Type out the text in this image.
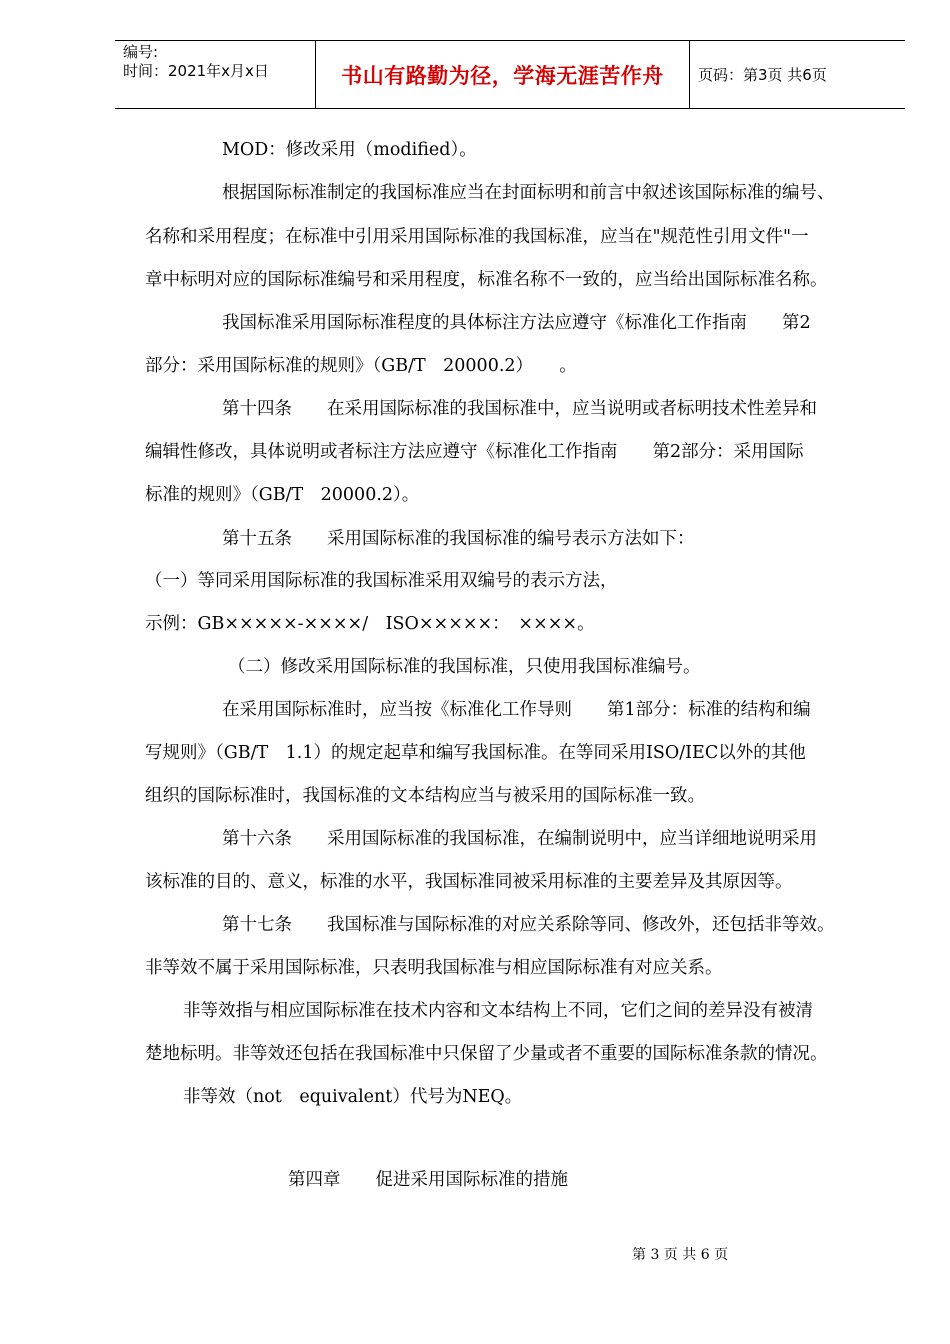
编号:
时间：2021年x月x日	书山有路勤为径，学海无涯苦作舟 页码：第3页 共6页
MOD：修改采用（modified）。
根据国际标准制定的我国标准应当在封面标明和前言中叙述该国际标准的编号、
名称和采用程度；在标准中引用采用国际标准的我国标准，应当在"规范性引用文件"一
章中标明对应的国际标准编号和采用程度，标准名称不一致的，应当给出国际标准名称。
我国标准采用国际标准程度的具体标注方法应遵守《标准化工作指南　　第2
部分：采用国际标准的规则》（GB/T　20000.2）　　。
第十四条　　在采用国际标准的我国标准中，应当说明或者标明技术性差异和
编辑性修改，具体说明或者标注方法应遵守《标准化工作指南　　第2部分：采用国际
标准的规则》（GB/T　20000.2）。
第十五条　　采用国际标准的我国标准的编号表示方法如下：
（一）等同采用国际标准的我国标准采用双编号的表示方法，
示例：GB×××××-××××/　ISO×××××：　××××。
（二）修改采用国际标准的我国标准，只使用我国标准编号。
在采用国际标准时，应当按《标准化工作导则　　第1部分：标准的结构和编
写规则》（GB/T　1.1）的规定起草和编写我国标准。在等同采用ISO/IEC以外的其他
组织的国际标准时，我国标准的文本结构应当与被采用的国际标准一致。
第十六条　　采用国际标准的我国标准，在编制说明中，应当详细地说明采用
该标准的目的、意义，标准的水平，我国标准同被采用标准的主要差异及其原因等。
第十七条　　我国标准与国际标准的对应关系除等同、修改外，还包括非等效。
非等效不属于采用国际标准，只表明我国标准与相应国际标准有对应关系。
非等效指与相应国际标准在技术内容和文本结构上不同，它们之间的差异没有被清
楚地标明。非等效还包括在我国标准中只保留了少量或者不重要的国际标准条款的情况。
非等效（not　equivalent）代号为NEQ。
第四章　　促进采用国际标准的措施
第 3 页 共 6 页
